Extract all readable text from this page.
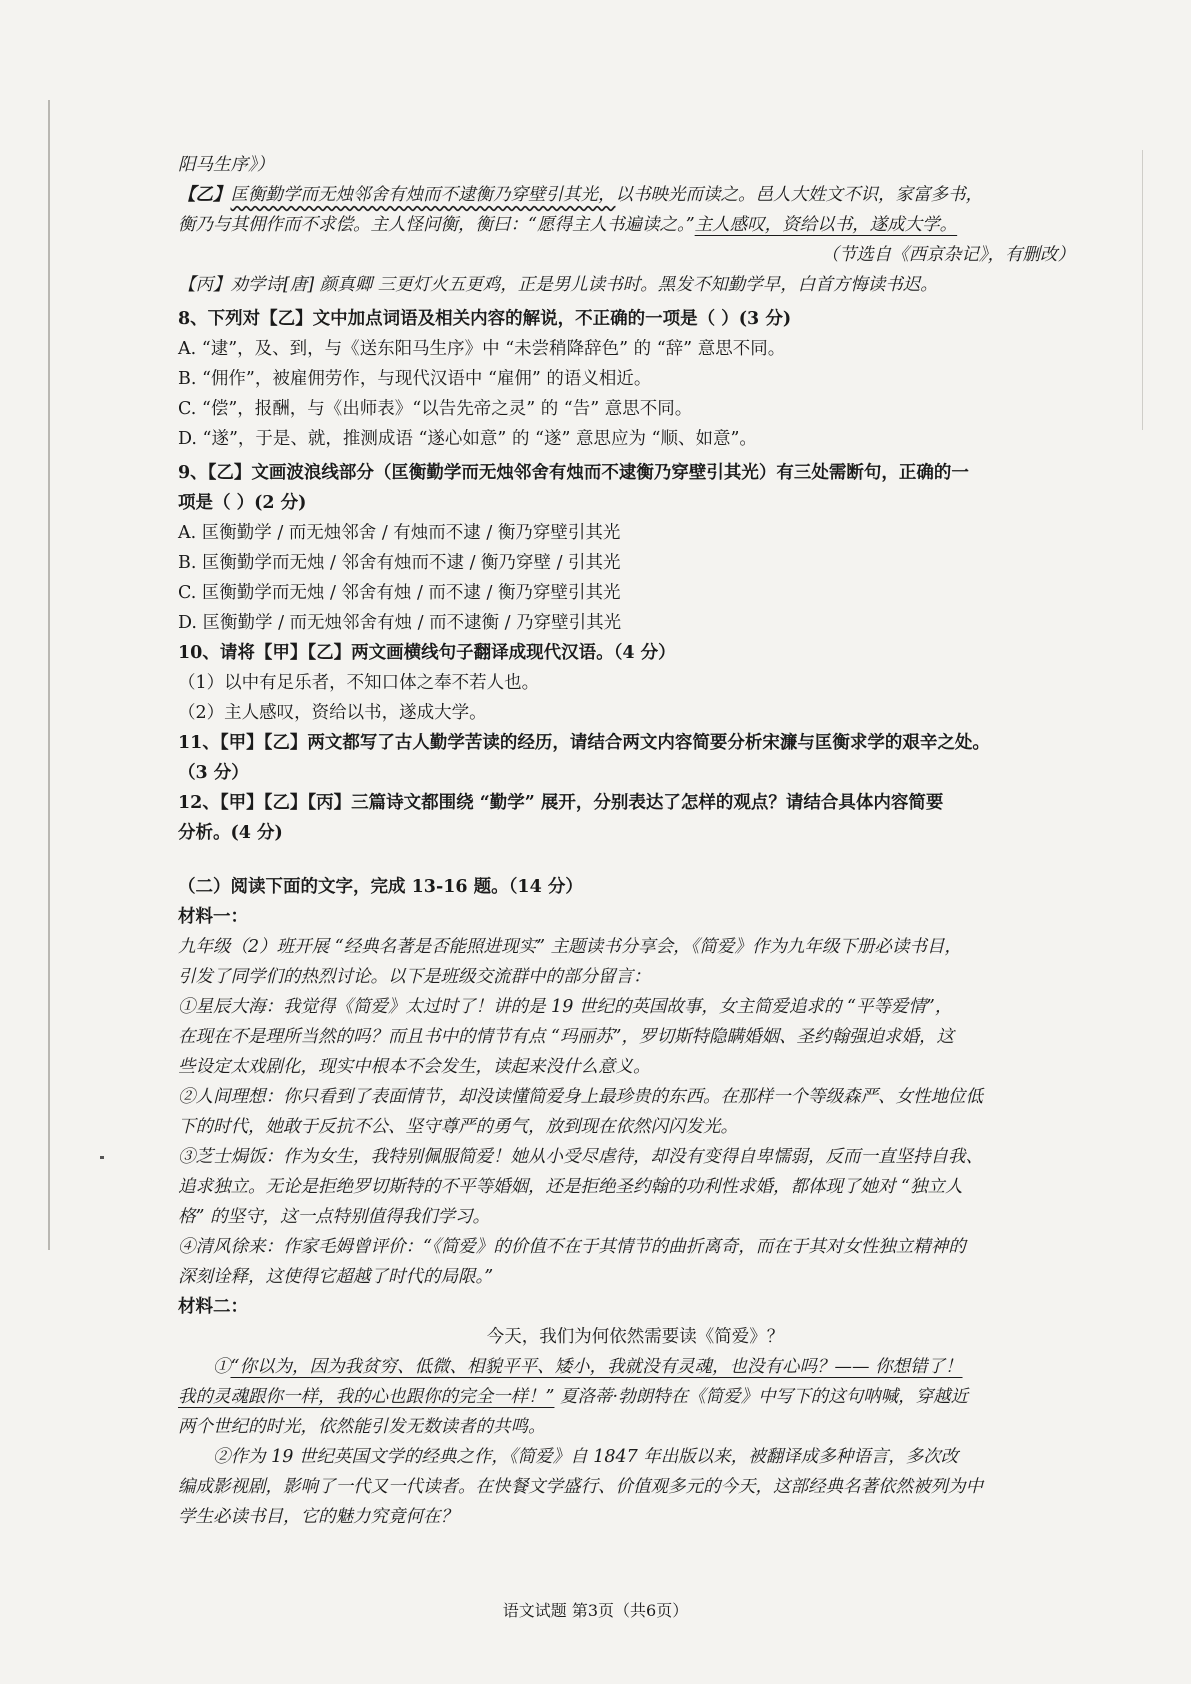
阳马生序》）

【乙】匡衡勤学而无烛邻舍有烛而不逮衡乃穿壁引其光，以书映光而读之。邑人大姓文不识，家富多书，

衡乃与其佣作而不求偿。主人怪问衡，衡曰：“愿得主人书遍读之。”主人感叹，资给以书，遂成大学。

（节选自《西京杂记》，有删改）

【丙】劝学诗[唐] 颜真卿 三更灯火五更鸡，正是男儿读书时。黑发不知勤学早，白首方悔读书迟。

8、下列对【乙】文中加点词语及相关内容的解说，不正确的一项是（ ）(3 分)

A. “逮”，及、到，与《送东阳马生序》中 “未尝稍降辞色” 的 “辞” 意思不同。

B. “佣作”，被雇佣劳作，与现代汉语中 “雇佣” 的语义相近。

C. “偿”，报酬，与《出师表》“以告先帝之灵” 的 “告” 意思不同。

D. “遂”，于是、就，推测成语 “遂心如意” 的 “遂” 意思应为 “顺、如意”。

9、【乙】文画波浪线部分（匡衡勤学而无烛邻舍有烛而不逮衡乃穿壁引其光）有三处需断句，正确的一

项是（ ）(2 分)

A. 匡衡勤学 / 而无烛邻舍 / 有烛而不逮 / 衡乃穿壁引其光

B. 匡衡勤学而无烛 / 邻舍有烛而不逮 / 衡乃穿壁 / 引其光

C. 匡衡勤学而无烛 / 邻舍有烛 / 而不逮 / 衡乃穿壁引其光

D. 匡衡勤学 / 而无烛邻舍有烛 / 而不逮衡 / 乃穿壁引其光

10、请将【甲】【乙】两文画横线句子翻译成现代汉语。（4 分）

（1）以中有足乐者，不知口体之奉不若人也。

（2）主人感叹，资给以书，遂成大学。

11、【甲】【乙】两文都写了古人勤学苦读的经历，请结合两文内容简要分析宋濂与匡衡求学的艰辛之处。

（3 分）

12、【甲】【乙】【丙】三篇诗文都围绕 “勤学” 展开，分别表达了怎样的观点？请结合具体内容简要

分析。(4 分)

（二）阅读下面的文字，完成 13-16 题。（14 分）

材料一：

九年级（2）班开展 “经典名著是否能照进现实” 主题读书分享会，《简爱》作为九年级下册必读书目，

引发了同学们的热烈讨论。以下是班级交流群中的部分留言：

①星辰大海：我觉得《简爱》太过时了！讲的是 19 世纪的英国故事，女主简爱追求的 “平等爱情”，

在现在不是理所当然的吗？而且书中的情节有点 “玛丽苏”，罗切斯特隐瞒婚姻、圣约翰强迫求婚，这

些设定太戏剧化，现实中根本不会发生，读起来没什么意义。

②人间理想：你只看到了表面情节，却没读懂简爱身上最珍贵的东西。在那样一个等级森严、女性地位低

下的时代，她敢于反抗不公、坚守尊严的勇气，放到现在依然闪闪发光。

③芝士焗饭：作为女生，我特别佩服简爱！她从小受尽虐待，却没有变得自卑懦弱，反而一直坚持自我、

追求独立。无论是拒绝罗切斯特的不平等婚姻，还是拒绝圣约翰的功利性求婚，都体现了她对 “独立人

格” 的坚守，这一点特别值得我们学习。

④清风徐来：作家毛姆曾评价：“《简爱》的价值不在于其情节的曲折离奇，而在于其对女性独立精神的

深刻诠释，这使得它超越了时代的局限。”

材料二：

今天，我们为何依然需要读《简爱》？

①“你以为，因为我贫穷、低微、相貌平平、矮小，我就没有灵魂，也没有心吗？—— 你想错了！

我的灵魂跟你一样，我的心也跟你的完全一样！” 夏洛蒂·勃朗特在《简爱》中写下的这句呐喊，穿越近

两个世纪的时光，依然能引发无数读者的共鸣。

②作为 19 世纪英国文学的经典之作，《简爱》自 1847 年出版以来，被翻译成多种语言，多次改

编成影视剧，影响了一代又一代读者。在快餐文学盛行、价值观多元的今天，这部经典名著依然被列为中

学生必读书目，它的魅力究竟何在？

语文试题 第3页（共6页）
